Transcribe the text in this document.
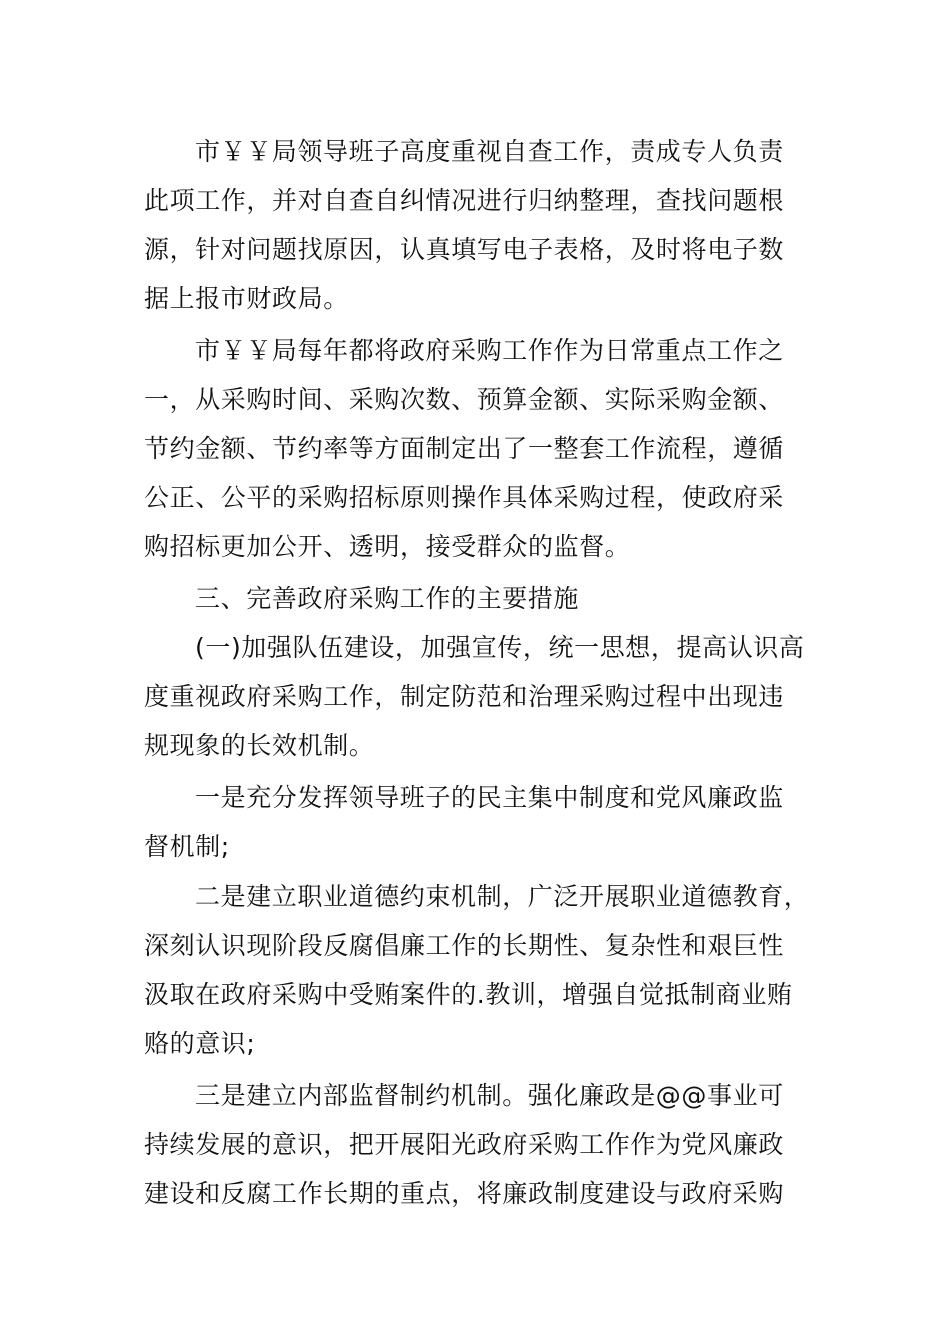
市￥￥局领导班子高度重视自查工作，责成专人负责
此项工作，并对自查自纠情况进行归纳整理，查找问题根
源，针对问题找原因，认真填写电子表格，及时将电子数
据上报市财政局。
市￥￥局每年都将政府采购工作作为日常重点工作之
一，从采购时间、采购次数、预算金额、实际采购金额、
节约金额、节约率等方面制定出了一整套工作流程，遵循
公正、公平的采购招标原则操作具体采购过程，使政府采
购招标更加公开、透明，接受群众的监督。
三、完善政府采购工作的主要措施
(一)加强队伍建设，加强宣传，统一思想，提高认识高
度重视政府采购工作，制定防范和治理采购过程中出现违
规现象的长效机制。
一是充分发挥领导班子的民主集中制度和党风廉政监
督机制;
二是建立职业道德约束机制，广泛开展职业道德教育，
深刻认识现阶段反腐倡廉工作的长期性、复杂性和艰巨性
汲取在政府采购中受贿案件的.教训，增强自觉抵制商业贿
赂的意识;
三是建立内部监督制约机制。强化廉政是@@事业可
持续发展的意识，把开展阳光政府采购工作作为党风廉政
建设和反腐工作长期的重点，将廉政制度建设与政府采购
